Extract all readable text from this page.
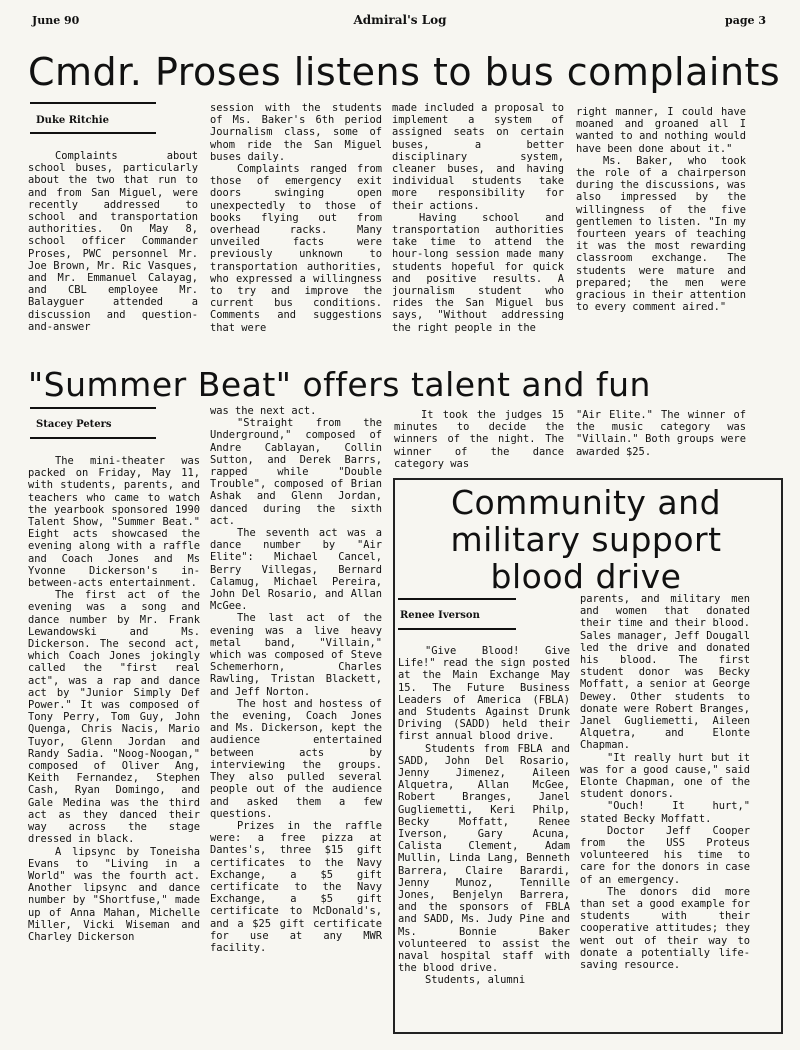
June 90	Admiral's Log	page 3
Cmdr. Proses listens to bus complaints
Duke Ritchie

Complaints about school buses, particularly about the two that run to and from San Miguel, were recently addressed to school and transportation authorities. On May 8, school officer Commander Proses, PWC personnel Mr. Joe Brown, Mr. Ric Vasques, and Mr. Emmanuel Calayag, and CBL employee Mr. Balayguer attended a discussion and question-and-answer

session with the students of Ms. Baker's 6th period Journalism class, some of whom ride the San Miguel buses daily.

Complaints ranged from those of emergency exit doors swinging open unexpectedly to those of books flying out from overhead racks. Many unveiled facts were previously unknown to transportation authorities, who expressed a willingness to try and improve the current bus conditions. Comments and suggestions that were

made included a proposal to implement a system of assigned seats on certain buses, a better disciplinary system, cleaner buses, and having individual students take more responsibility for their actions.

Having school and transportation authorities take time to attend the hour-long session made many students hopeful for quick and positive results. A journalism student who rides the San Miguel bus says, "Without addressing the right people in the

right manner, I could have moaned and groaned all I wanted to and nothing would have been done about it."

Ms. Baker, who took the role of a chairperson during the discussions, was also impressed by the willingness of the five gentlemen to listen. "In my fourteen years of teaching it was the most rewarding classroom exchange. The students were mature and prepared; the men were gracious in their attention to every comment aired."

"Summer Beat" offers talent and fun
Stacey Peters

The mini-theater was packed on Friday, May 11, with students, parents, and teachers who came to watch the yearbook sponsored 1990 Talent Show, "Summer Beat." Eight acts showcased the evening along with a raffle and Coach Jones and Ms Yvonne Dickerson's in-between-acts entertainment.

The first act of the evening was a song and dance number by Mr. Frank Lewandowski and Ms. Dickerson. The second act, which Coach Jones jokingly called the "first real act", was a rap and dance act by "Junior Simply Def Power." It was composed of Tony Perry, Tom Guy, John Quenga, Chris Nacis, Mario Tuyor, Glenn Jordan and Randy Sadia. "Noog-Noogan," composed of Oliver Ang, Keith Fernandez, Stephen Cash, Ryan Domingo, and Gale Medina was the third act as they danced their way across the stage dressed in black.

A lipsync by Toneisha Evans to "Living in a World" was the fourth act. Another lipsync and dance number by "Shortfuse," made up of Anna Mahan, Michelle Miller, Vicki Wiseman and Charley Dickerson

was the next act.

"Straight from the Underground," composed of Andre Cablayan, Collin Sutton, and Derek Barrs, rapped while "Double Trouble", composed of Brian Ashak and Glenn Jordan, danced during the sixth act.

The seventh act was a dance number by "Air Elite": Michael Cancel, Berry Villegas, Bernard Calamug, Michael Pereira, John Del Rosario, and Allan McGee.

The last act of the evening was a live heavy metal band, "Villain," which was composed of Steve Schemerhorn, Charles Rawling, Tristan Blackett, and Jeff Norton.

The host and hostess of the evening, Coach Jones and Ms. Dickerson, kept the audience entertained between acts by interviewing the groups. They also pulled several people out of the audience and asked them a few questions.

Prizes in the raffle were: a free pizza at Dantes's, three $15 gift certificates to the Navy Exchange, a $5 gift certificate to the Navy Exchange, a $5 gift certificate to McDonald's, and a $25 gift certificate for use at any MWR facility.

It took the judges 15 minutes to decide the winners of the night. The winner of the dance category was

"Air Elite." The winner of the music category was "Villain." Both groups were awarded $25.

Community and
military support
blood drive
Renee Iverson

"Give Blood! Give Life!" read the sign posted at the Main Exchange May 15. The Future Business Leaders of America (FBLA) and Students Against Drunk Driving (SADD) held their first annual blood drive.

Students from FBLA and SADD, John Del Rosario, Jenny Jimenez, Aileen Alquetra, Allan McGee, Robert Branges, Janel Gugliemetti, Keri Philp, Becky Moffatt, Renee Iverson, Gary Acuna, Calista Clement, Adam Mullin, Linda Lang, Benneth Barrera, Claire Barardi, Jenny Munoz, Tennille Jones, Benjelyn Barrera, and the sponsors of FBLA and SADD, Ms. Judy Pine and Ms. Bonnie Baker volunteered to assist the naval hospital staff with the blood drive.

Students, alumni

parents, and military men and women that donated their time and their blood. Sales manager, Jeff Dougall led the drive and donated his blood. The first student donor was Becky Moffatt, a senior at George Dewey. Other students to donate were Robert Branges, Janel Gugliemetti, Aileen Alquetra, and Elonte Chapman.

"It really hurt but it was for a good cause," said Elonte Chapman, one of the student donors.

"Ouch! It hurt," stated Becky Moffatt.

Doctor Jeff Cooper from the USS Proteus volunteered his time to care for the donors in case of an emergency.

The donors did more than set a good example for students with their cooperative attitudes; they went out of their way to donate a potentially life-saving resource.
